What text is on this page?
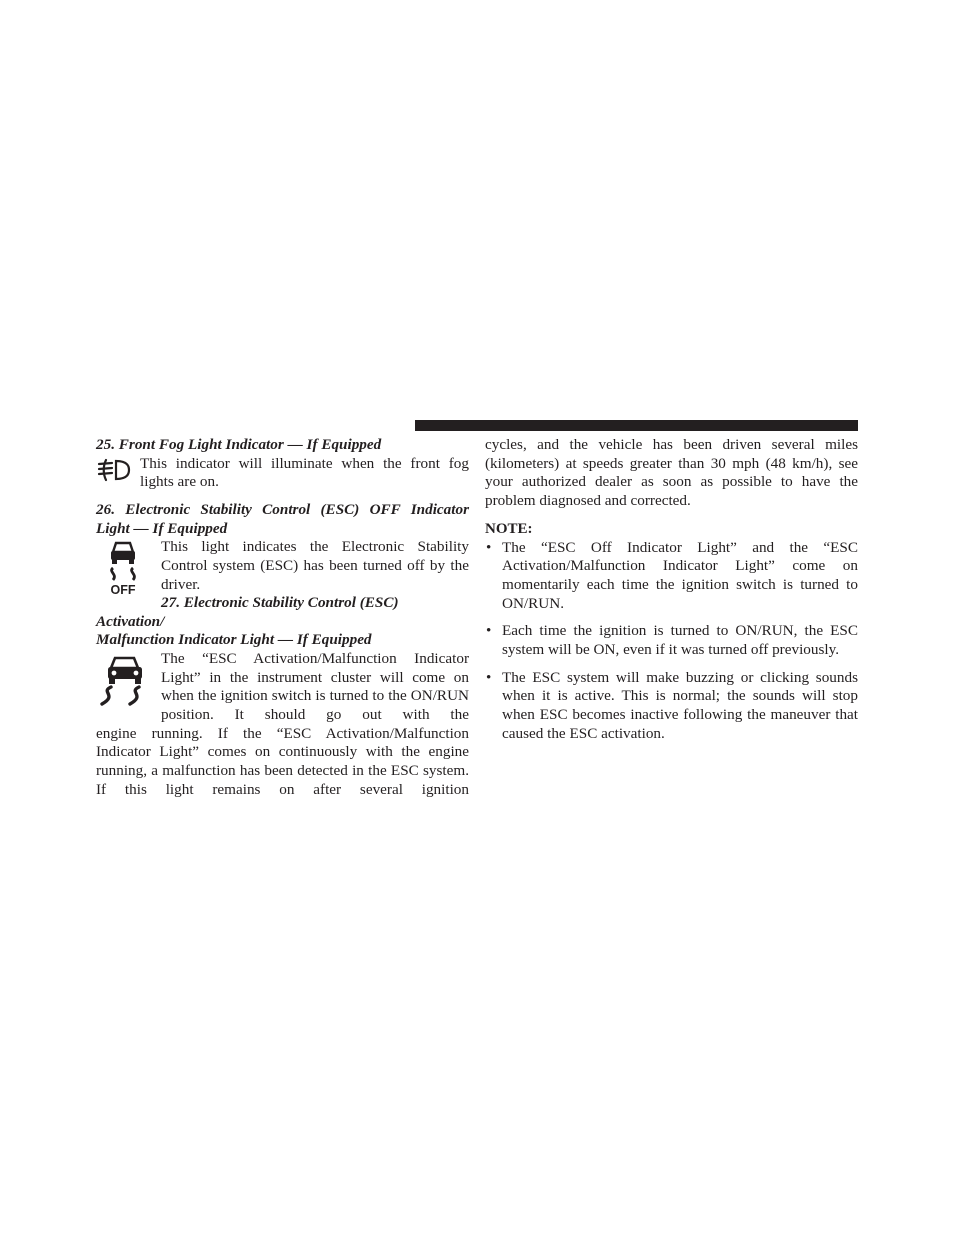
25. Front Fog Light Indicator — If Equipped

This indicator will illuminate when the front fog lights are on.

26. Electronic Stability Control (ESC) OFF Indicator
Light — If Equipped
OFF

This light indicates the Electronic Stability Control system (ESC) has been turned off by the driver.

27. Electronic Stability Control (ESC) Activation/
Malfunction Indicator Light — If Equipped

The “ESC Activation/Malfunction Indicator Light” in the instrument cluster will come on when the ignition switch is turned to the ON/RUN position. It should go out with the

engine running. If the “ESC Activation/Malfunction Indicator Light” comes on continuously with the engine running, a malfunction has been detected in the ESC system. If this light remains on after several ignition

cycles, and the vehicle has been driven several miles (kilometers) at speeds greater than 30 mph (48 km/h), see your authorized dealer as soon as possible to have the problem diagnosed and corrected.

NOTE:
• The “ESC Off Indicator Light” and the “ESC Activation/Malfunction Indicator Light” come on momentarily each time the ignition switch is turned to ON/RUN.
• Each time the ignition is turned to ON/RUN, the ESC system will be ON, even if it was turned off previously.
• The ESC system will make buzzing or clicking sounds when it is active. This is normal; the sounds will stop when ESC becomes inactive following the maneuver that caused the ESC activation.
